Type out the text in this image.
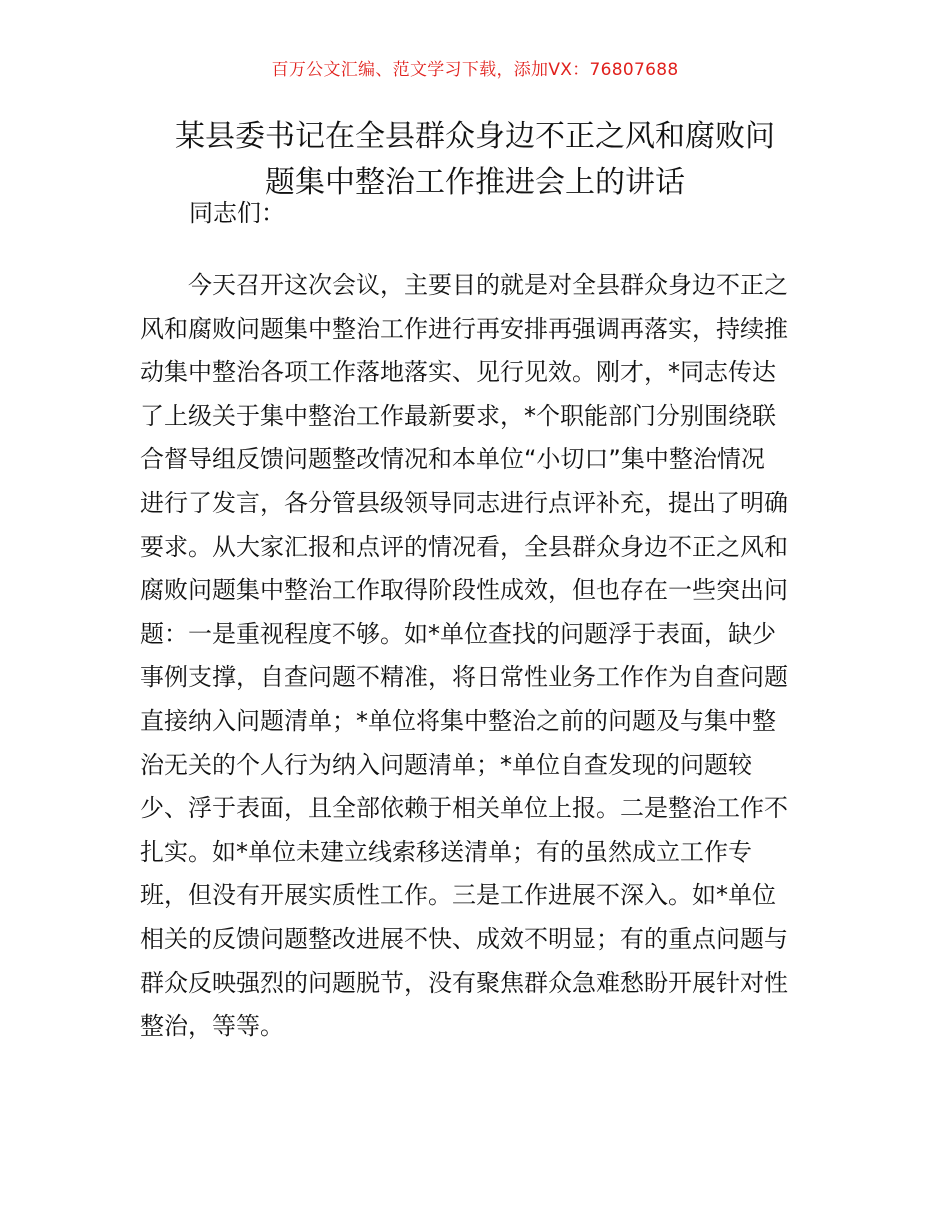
百万公文汇编、范文学习下载，添加VX：76807688
某县委书记在全县群众身边不正之风和腐败问
题集中整治工作推进会上的讲话

同志们：

　　今天召开这次会议，主要目的就是对全县群众身边不正之
风和腐败问题集中整治工作进行再安排再强调再落实，持续推
动集中整治各项工作落地落实、见行见效。刚才，*同志传达
了上级关于集中整治工作最新要求，*个职能部门分别围绕联
合督导组反馈问题整改情况和本单位“小切口”集中整治情况
进行了发言，各分管县级领导同志进行点评补充，提出了明确
要求。从大家汇报和点评的情况看，全县群众身边不正之风和
腐败问题集中整治工作取得阶段性成效，但也存在一些突出问
题：一是重视程度不够。如*单位查找的问题浮于表面，缺少
事例支撑，自查问题不精准，将日常性业务工作作为自查问题
直接纳入问题清单；*单位将集中整治之前的问题及与集中整
治无关的个人行为纳入问题清单；*单位自查发现的问题较
少、浮于表面，且全部依赖于相关单位上报。二是整治工作不
扎实。如*单位未建立线索移送清单；有的虽然成立工作专
班，但没有开展实质性工作。三是工作进展不深入。如*单位
相关的反馈问题整改进展不快、成效不明显；有的重点问题与
群众反映强烈的问题脱节，没有聚焦群众急难愁盼开展针对性
整治，等等。
